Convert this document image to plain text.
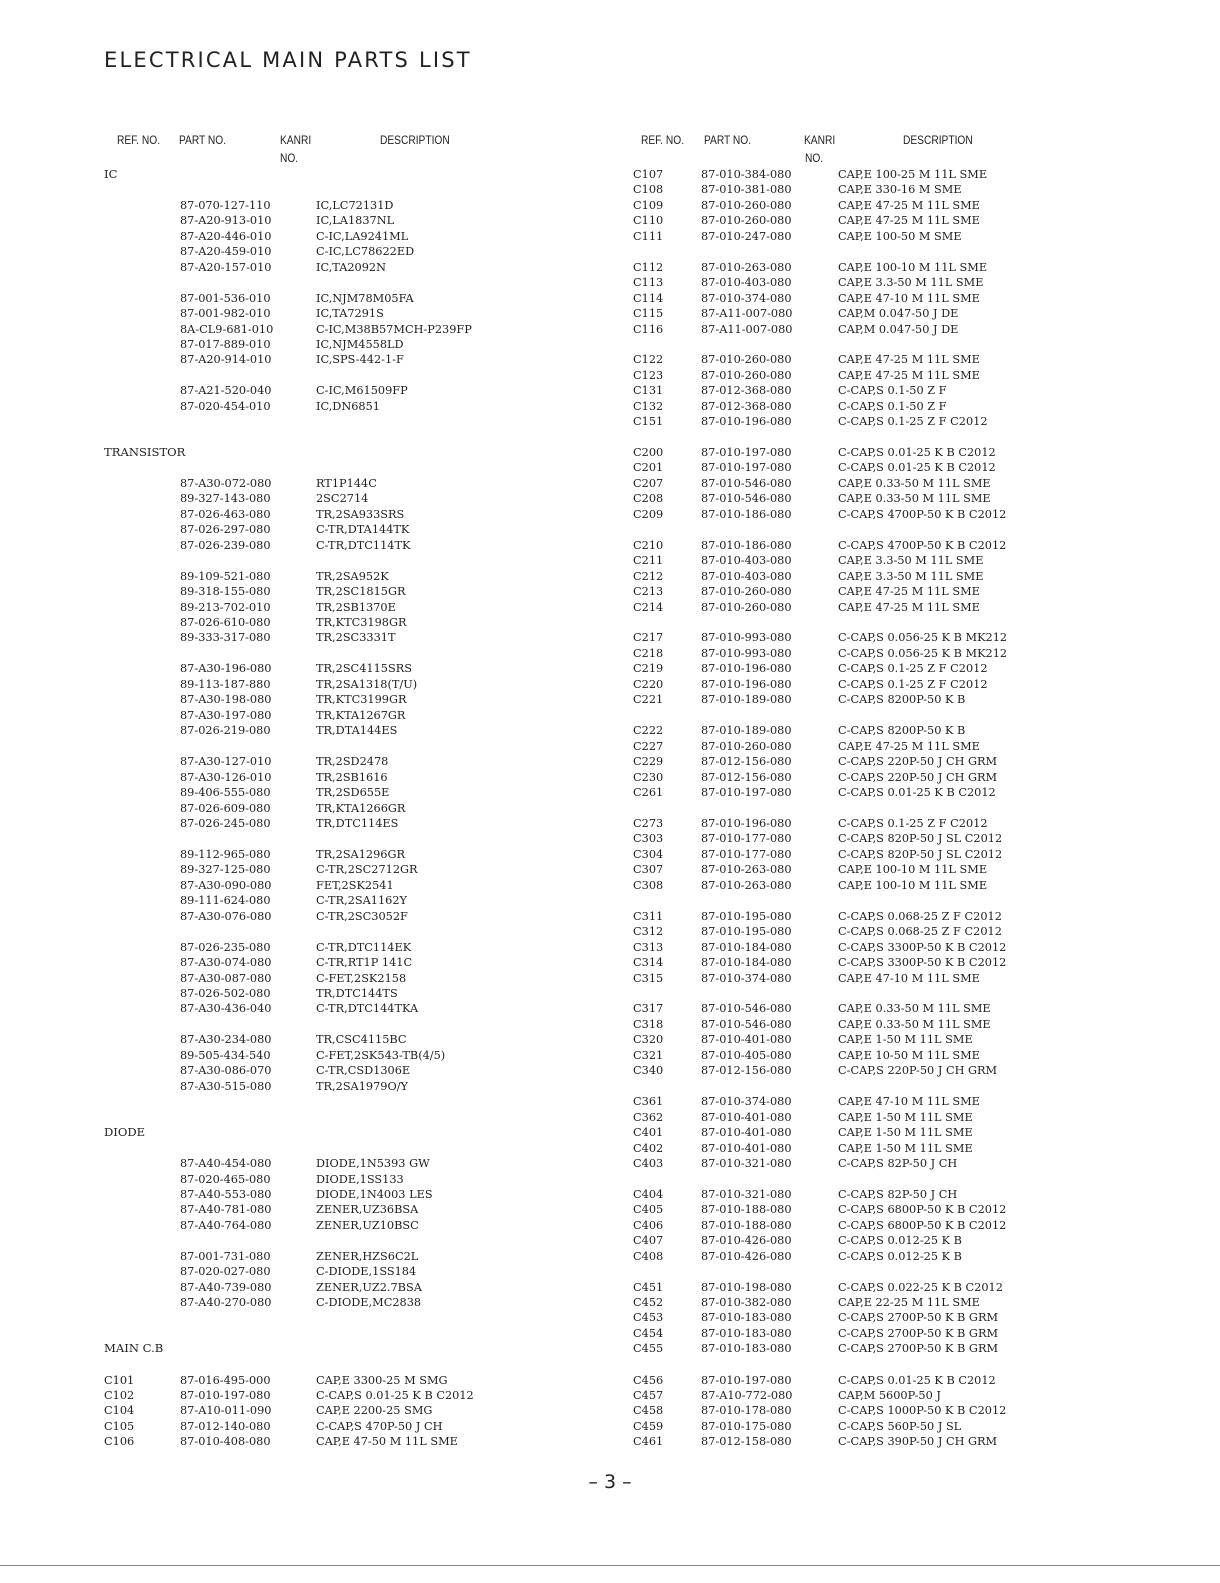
ELECTRICAL MAIN PARTS LIST
REF. NO. PART NO.	KANRI
NO.
DESCRIPTION
IC
87-070-127-110	IC,LC72131D
87-A20-913-010	IC,LA1837NL
87-A20-446-010	C-IC,LA9241ML
87-A20-459-010	C-IC,LC78622ED
87-A20-157-010	IC,TA2092N
87-001-536-010	IC,NJM78M05FA
87-001-982-010	IC,TA7291S
8A-CL9-681-010	C-IC,M38B57MCH-P239FP
87-017-889-010	IC,NJM4558LD
87-A20-914-010	IC,SPS-442-1-F
87-A21-520-040	C-IC,M61509FP
87-020-454-010	IC,DN6851
TRANSISTOR
87-A30-072-080	RT1P144C
89-327-143-080	2SC2714
87-026-463-080	TR,2SA933SRS
87-026-297-080	C-TR,DTA144TK
87-026-239-080	C-TR,DTC114TK
89-109-521-080	TR,2SA952K
89-318-155-080	TR,2SC1815GR
89-213-702-010	TR,2SB1370E
87-026-610-080	TR,KTC3198GR
89-333-317-080	TR,2SC3331T
87-A30-196-080	TR,2SC4115SRS
89-113-187-880	TR,2SA1318(T/U)
87-A30-198-080	TR,KTC3199GR
87-A30-197-080	TR,KTA1267GR
87-026-219-080	TR,DTA144ES
87-A30-127-010	TR,2SD2478
87-A30-126-010	TR,2SB1616
89-406-555-080	TR,2SD655E
87-026-609-080	TR,KTA1266GR
87-026-245-080	TR,DTC114ES
89-112-965-080	TR,2SA1296GR
89-327-125-080	C-TR,2SC2712GR
87-A30-090-080	FET,2SK2541
89-111-624-080	C-TR,2SA1162Y
87-A30-076-080	C-TR,2SC3052F
87-026-235-080	C-TR,DTC114EK
87-A30-074-080	C-TR,RT1P 141C
87-A30-087-080	C-FET,2SK2158
87-026-502-080	TR,DTC144TS
87-A30-436-040	C-TR,DTC144TKA
87-A30-234-080	TR,CSC4115BC
89-505-434-540	C-FET,2SK543-TB(4/5)
87-A30-086-070	C-TR,CSD1306E
87-A30-515-080	TR,2SA1979O/Y
DIODE
87-A40-454-080	DIODE,1N5393 GW
87-020-465-080	DIODE,1SS133
87-A40-553-080	DIODE,1N4003 LES
87-A40-781-080	ZENER,UZ36BSA
87-A40-764-080	ZENER,UZ10BSC
87-001-731-080	ZENER,HZS6C2L
87-020-027-080	C-DIODE,1SS184
87-A40-739-080	ZENER,UZ2.7BSA
87-A40-270-080	C-DIODE,MC2838
MAIN C.B
C101	87-016-495-000	CAP,E 3300-25 M SMG
C102	87-010-197-080	C-CAP,S 0.01-25 K B C2012
C104	87-A10-011-090	CAP,E 2200-25 SMG
C105	87-012-140-080	C-CAP,S 470P-50 J CH
C106	87-010-408-080	CAP,E 47-50 M 11L SME
REF. NO. PART NO.	KANRI
NO.
DESCRIPTION
C107	87-010-384-080	CAP,E 100-25 M 11L SME
C108	87-010-381-080	CAP,E 330-16 M SME
C109	87-010-260-080	CAP,E 47-25 M 11L SME
C110	87-010-260-080	CAP,E 47-25 M 11L SME
C111	87-010-247-080	CAP,E 100-50 M SME
C112	87-010-263-080	CAP,E 100-10 M 11L SME
C113	87-010-403-080	CAP,E 3.3-50 M 11L SME
C114	87-010-374-080	CAP,E 47-10 M 11L SME
C115	87-A11-007-080	CAP,M 0.047-50 J DE
C116	87-A11-007-080	CAP,M 0.047-50 J DE
C122	87-010-260-080	CAP,E 47-25 M 11L SME
C123	87-010-260-080	CAP,E 47-25 M 11L SME
C131	87-012-368-080	C-CAP,S 0.1-50 Z F
C132	87-012-368-080	C-CAP,S 0.1-50 Z F
C151	87-010-196-080	C-CAP,S 0.1-25 Z F C2012
C200	87-010-197-080	C-CAP,S 0.01-25 K B C2012
C201	87-010-197-080	C-CAP,S 0.01-25 K B C2012
C207	87-010-546-080	CAP,E 0.33-50 M 11L SME
C208	87-010-546-080	CAP,E 0.33-50 M 11L SME
C209	87-010-186-080	C-CAP,S 4700P-50 K B C2012
C210	87-010-186-080	C-CAP,S 4700P-50 K B C2012
C211	87-010-403-080	CAP,E 3.3-50 M 11L SME
C212	87-010-403-080	CAP,E 3.3-50 M 11L SME
C213	87-010-260-080	CAP,E 47-25 M 11L SME
C214	87-010-260-080	CAP,E 47-25 M 11L SME
C217	87-010-993-080	C-CAP,S 0.056-25 K B MK212
C218	87-010-993-080	C-CAP,S 0.056-25 K B MK212
C219	87-010-196-080	C-CAP,S 0.1-25 Z F C2012
C220	87-010-196-080	C-CAP,S 0.1-25 Z F C2012
C221	87-010-189-080	C-CAP,S 8200P-50 K B
C222	87-010-189-080	C-CAP,S 8200P-50 K B
C227	87-010-260-080	CAP,E 47-25 M 11L SME
C229	87-012-156-080	C-CAP,S 220P-50 J CH GRM
C230	87-012-156-080	C-CAP,S 220P-50 J CH GRM
C261	87-010-197-080	C-CAP,S 0.01-25 K B C2012
C273	87-010-196-080	C-CAP,S 0.1-25 Z F C2012
C303	87-010-177-080	C-CAP,S 820P-50 J SL C2012
C304	87-010-177-080	C-CAP,S 820P-50 J SL C2012
C307	87-010-263-080	CAP,E 100-10 M 11L SME
C308	87-010-263-080	CAP,E 100-10 M 11L SME
C311	87-010-195-080	C-CAP,S 0.068-25 Z F C2012
C312	87-010-195-080	C-CAP,S 0.068-25 Z F C2012
C313	87-010-184-080	C-CAP,S 3300P-50 K B C2012
C314	87-010-184-080	C-CAP,S 3300P-50 K B C2012
C315	87-010-374-080	CAP,E 47-10 M 11L SME
C317	87-010-546-080	CAP,E 0.33-50 M 11L SME
C318	87-010-546-080	CAP,E 0.33-50 M 11L SME
C320	87-010-401-080	CAP,E 1-50 M 11L SME
C321	87-010-405-080	CAP,E 10-50 M 11L SME
C340	87-012-156-080	C-CAP,S 220P-50 J CH GRM
C361	87-010-374-080	CAP,E 47-10 M 11L SME
C362	87-010-401-080	CAP,E 1-50 M 11L SME
C401	87-010-401-080	CAP,E 1-50 M 11L SME
C402	87-010-401-080	CAP,E 1-50 M 11L SME
C403	87-010-321-080	C-CAP,S 82P-50 J CH
C404	87-010-321-080	C-CAP,S 82P-50 J CH
C405	87-010-188-080	C-CAP,S 6800P-50 K B C2012
C406	87-010-188-080	C-CAP,S 6800P-50 K B C2012
C407	87-010-426-080	C-CAP,S 0.012-25 K B
C408	87-010-426-080	C-CAP,S 0.012-25 K B
C451	87-010-198-080	C-CAP,S 0.022-25 K B C2012
C452	87-010-382-080	CAP,E 22-25 M 11L SME
C453	87-010-183-080	C-CAP,S 2700P-50 K B GRM
C454	87-010-183-080	C-CAP,S 2700P-50 K B GRM
C455	87-010-183-080	C-CAP,S 2700P-50 K B GRM
C456	87-010-197-080	C-CAP,S 0.01-25 K B C2012
C457	87-A10-772-080	CAP,M 5600P-50 J
C458	87-010-178-080	C-CAP,S 1000P-50 K B C2012
C459	87-010-175-080	C-CAP,S 560P-50 J SL
C461	87-012-158-080	C-CAP,S 390P-50 J CH GRM
– 3 –
